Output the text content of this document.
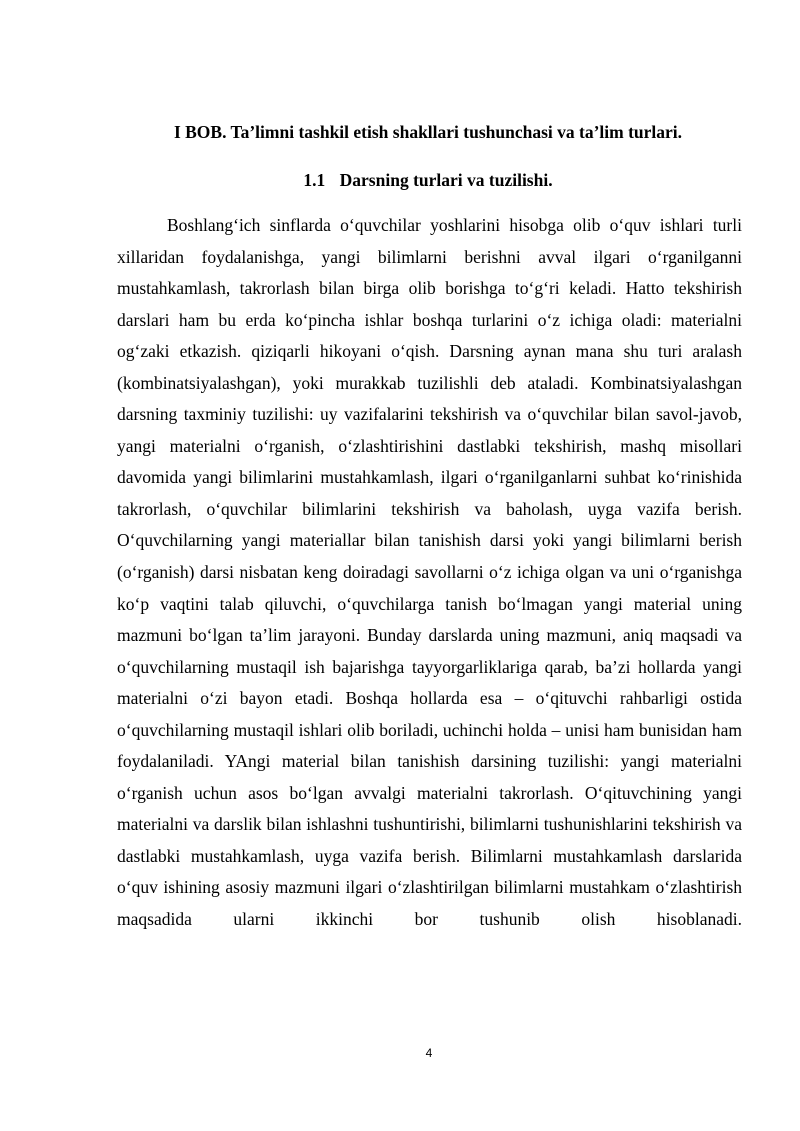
I BOB. Ta’limni tashkil etish shakllari tushunchasi va ta’lim turlari.
1.1 Darsning turlari va tuzilishi.

Boshlang‘ich sinflarda o‘quvchilar yoshlarini hisobga olib o‘quv ishlari turli xillaridan foydalanishga, yangi bilimlarni berishni avval ilgari o‘rganilganni mustahkamlash, takrorlash bilan birga olib borishga to‘g‘ri keladi. Hatto tekshirish darslari ham bu erda ko‘pincha ishlar boshqa turlarini o‘z ichiga oladi: materialni og‘zaki etkazish. qiziqarli hikoyani o‘qish. Darsning aynan mana shu turi aralash (kombinatsiyalashgan), yoki murakkab tuzilishli deb ataladi. Kombinatsiyalashgan darsning taxminiy tuzilishi: uy vazifalarini tekshirish va o‘quvchilar bilan savol-javob, yangi materialni o‘rganish, o‘zlashtirishini dastlabki tekshirish, mashq misollari davomida yangi bilimlarini mustahkamlash, ilgari o‘rganilganlarni suhbat ko‘rinishida takrorlash, o‘quvchilar bilimlarini tekshirish va baholash, uyga vazifa berish. O‘quvchilarning yangi materiallar bilan tanishish darsi yoki yangi bilimlarni berish (o‘rganish) darsi nisbatan keng doiradagi savollarni o‘z ichiga olgan va uni o‘rganishga ko‘p vaqtini talab qiluvchi, o‘quvchilarga tanish bo‘lmagan yangi material uning mazmuni bo‘lgan ta’lim jarayoni. Bunday darslarda uning mazmuni, aniq maqsadi va o‘quvchilarning mustaqil ish bajarishga tayyorgarliklariga qarab, ba’zi hollarda yangi materialni o‘zi bayon etadi. Boshqa hollarda esa – o‘qituvchi rahbarligi ostida o‘quvchilarning mustaqil ishlari olib boriladi, uchinchi holda – unisi ham bunisidan ham foydalaniladi. YAngi material bilan tanishish darsining tuzilishi: yangi materialni o‘rganish uchun asos bo‘lgan avvalgi materialni takrorlash. O‘qituvchining yangi materialni va darslik bilan ishlashni tushuntirishi, bilimlarni tushunishlarini tekshirish va dastlabki mustahkamlash, uyga vazifa berish. Bilimlarni mustahkamlash darslarida o‘quv ishining asosiy mazmuni ilgari o‘zlashtirilgan bilimlarni mustahkam o‘zlashtirish maqsadida ularni ikkinchi bor tushunib olish hisoblanadi.

4
